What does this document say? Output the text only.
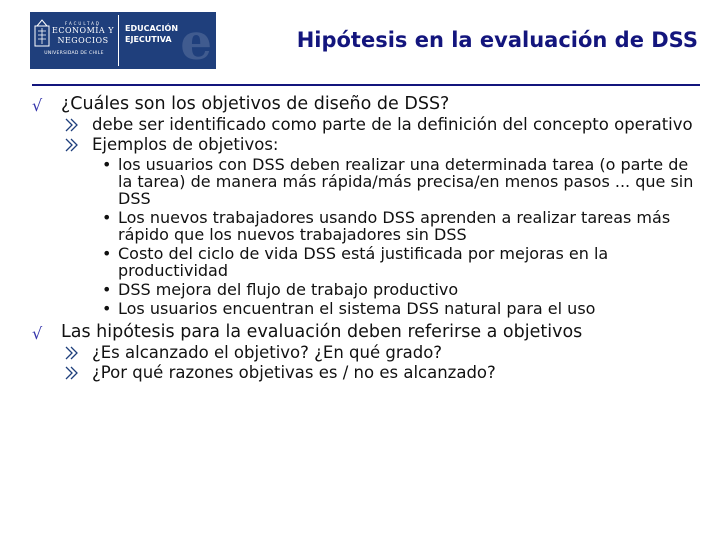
FACULTAD
ECONOMÍA Y
NEGOCIOS
UNIVERSIDAD DE CHILE e
EDUCACIÓN
EJECUTIVA	Hipótesis en la evaluación de DSS
√ ¿Cuáles son los objetivos de diseño de DSS?
debe ser identificado como parte de la definición del concepto operativo
Ejemplos de objetivos:
• los usuarios con DSS deben realizar una determinada tarea (o parte de la tarea) de manera más rápida/más precisa/en menos pasos ... que sin DSS
• Los nuevos trabajadores usando DSS aprenden a realizar tareas más rápido que los nuevos trabajadores sin DSS
• Costo del ciclo de vida DSS está justificada por mejoras en la productividad
• DSS mejora del flujo de trabajo productivo
• Los usuarios encuentran el sistema DSS natural para el uso
√ Las hipótesis para la evaluación deben referirse a objetivos
¿Es alcanzado el objetivo? ¿En qué grado?
¿Por qué razones objetivas es / no es alcanzado?
